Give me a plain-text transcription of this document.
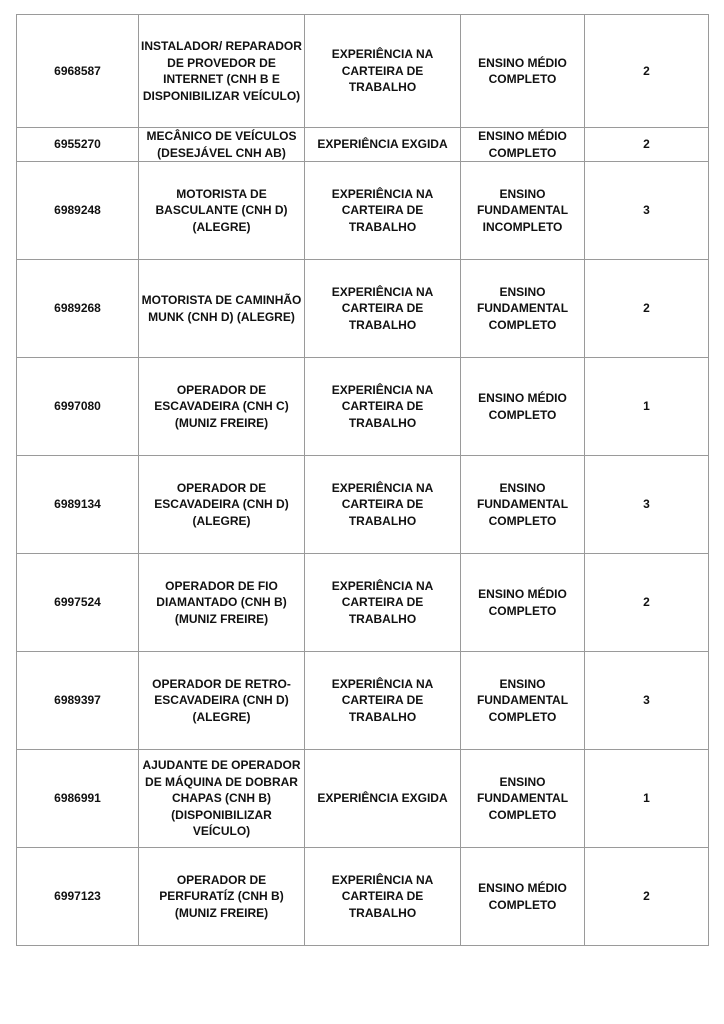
6968587	INSTALADOR/ REPARADOR DE PROVEDOR DE INTERNET (CNH B E DISPONIBILIZAR VEÍCULO)	EXPERIÊNCIA NA CARTEIRA DE TRABALHO	ENSINO MÉDIO COMPLETO	2
6955270	MECÂNICO DE VEÍCULOS (DESEJÁVEL CNH AB)	EXPERIÊNCIA EXGIDA	ENSINO MÉDIO COMPLETO	2
6989248	MOTORISTA DE BASCULANTE (CNH D) (ALEGRE)	EXPERIÊNCIA NA CARTEIRA DE TRABALHO	ENSINO FUNDAMENTAL INCOMPLETO	3
6989268	MOTORISTA DE CAMINHÃO MUNK (CNH D) (ALEGRE)	EXPERIÊNCIA NA CARTEIRA DE TRABALHO	ENSINO FUNDAMENTAL COMPLETO	2
6997080	OPERADOR DE ESCAVADEIRA (CNH C) (MUNIZ FREIRE)	EXPERIÊNCIA NA CARTEIRA DE TRABALHO	ENSINO MÉDIO COMPLETO	1
6989134	OPERADOR DE ESCAVADEIRA (CNH D) (ALEGRE)	EXPERIÊNCIA NA CARTEIRA DE TRABALHO	ENSINO FUNDAMENTAL COMPLETO	3
6997524	OPERADOR DE FIO DIAMANTADO (CNH B) (MUNIZ FREIRE)	EXPERIÊNCIA NA CARTEIRA DE TRABALHO	ENSINO MÉDIO COMPLETO	2
6989397	OPERADOR DE RETRO-ESCAVADEIRA (CNH D) (ALEGRE)	EXPERIÊNCIA NA CARTEIRA DE TRABALHO	ENSINO FUNDAMENTAL COMPLETO	3
6986991	AJUDANTE DE OPERADOR DE MÁQUINA DE DOBRAR CHAPAS (CNH B) (DISPONIBILIZAR VEÍCULO)	EXPERIÊNCIA EXGIDA	ENSINO FUNDAMENTAL COMPLETO	1
6997123	OPERADOR DE PERFURATÍZ (CNH B) (MUNIZ FREIRE)	EXPERIÊNCIA NA CARTEIRA DE TRABALHO	ENSINO MÉDIO COMPLETO	2
